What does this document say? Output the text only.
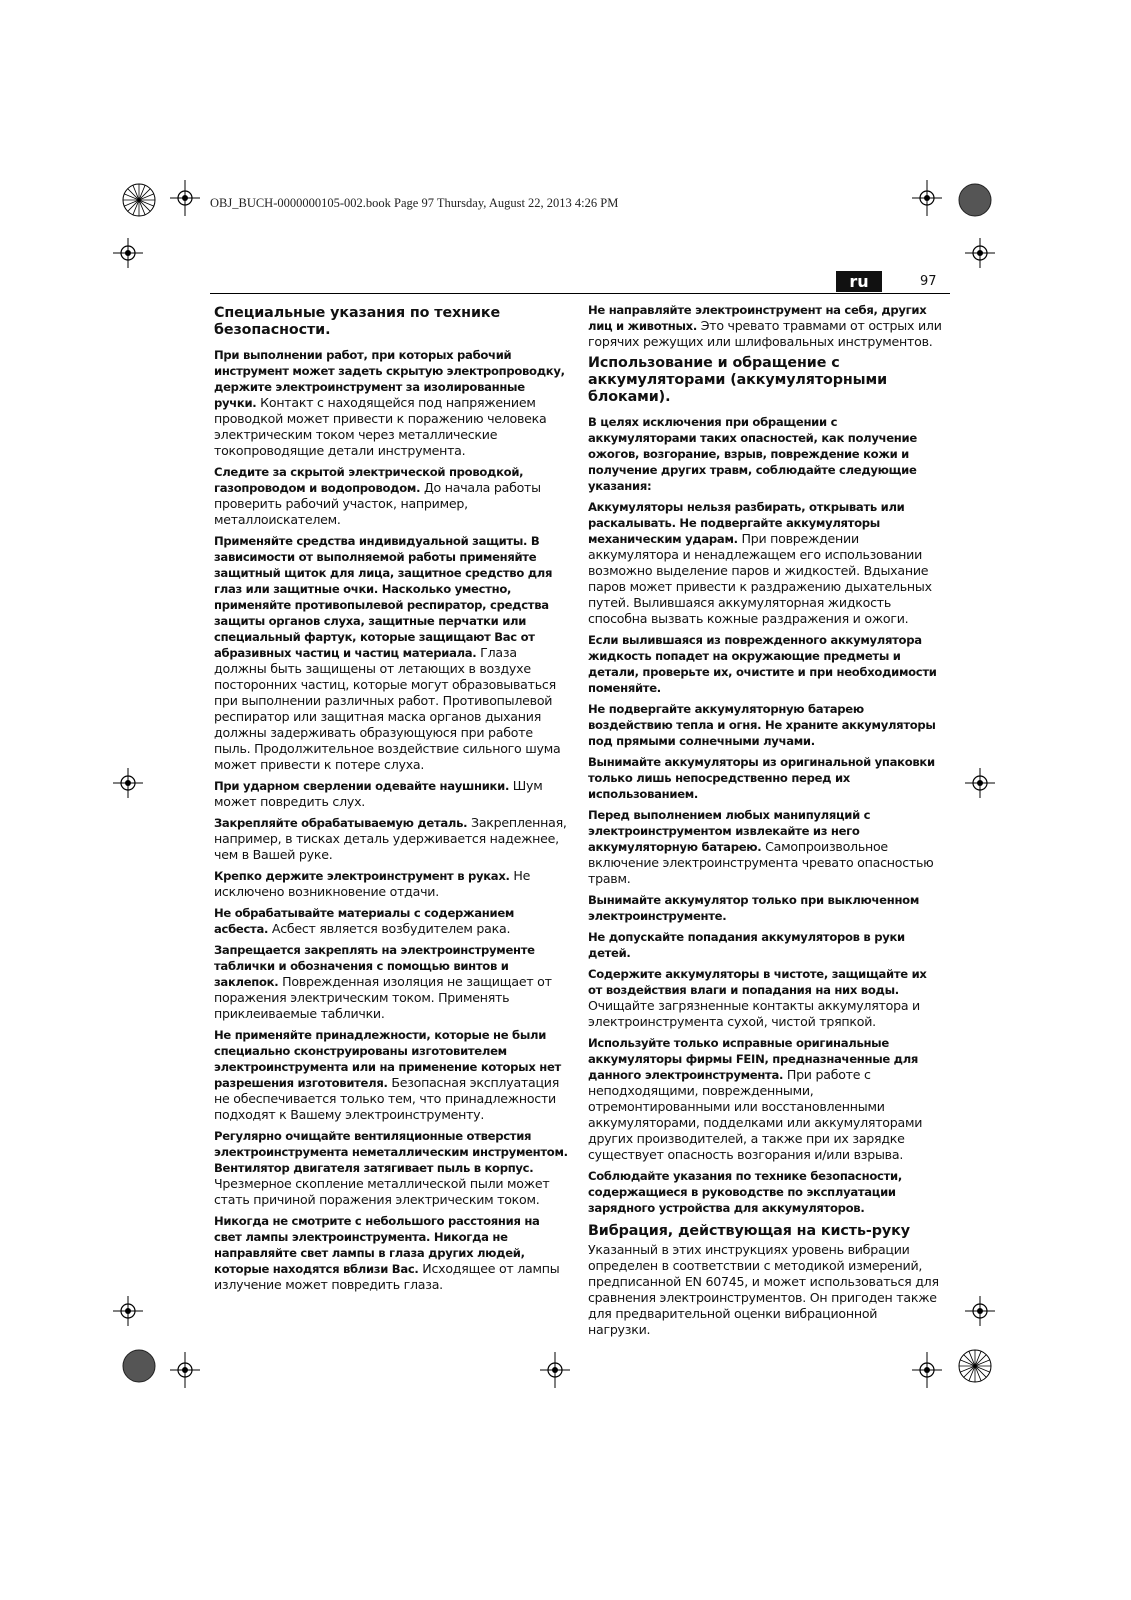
OBJ_BUCH-0000000105-002.book Page 97 Thursday, August 22, 2013 4:26 PM
ru	97
Специальные указания по технике безопасности.

При выполнении работ, при которых рабочий инструмент может задеть скрытую электропроводку, держите электроинструмент за изолированные ручки. Контакт с находящейся под напряжением проводкой может привести к поражению человека электрическим током через металлические токопроводящие детали инструмента.

Следите за скрытой электрической проводкой, газопроводом и водопроводом. До начала работы проверить рабочий участок, например, металлоискателем.

Применяйте средства индивидуальной защиты. В зависимости от выполняемой работы применяйте защитный щиток для лица, защитное средство для глаз или защитные очки. Насколько уместно, применяйте противопылевой респиратор, средства защиты органов слуха, защитные перчатки или специальный фартук, которые защищают Вас от абразивных частиц и частиц материала. Глаза должны быть защищены от летающих в воздухе посторонних частиц, которые могут образовываться при выполнении различных работ. Противопылевой респиратор или защитная маска органов дыхания должны задерживать образующуюся при работе пыль. Продолжительное воздействие сильного шума может привести к потере слуха.

При ударном сверлении одевайте наушники. Шум может повредить слух.

Закрепляйте обрабатываемую деталь. Закрепленная, например, в тисках деталь удерживается надежнее, чем в Вашей руке.

Крепко держите электроинструмент в руках. Не исключено возникновение отдачи.

Не обрабатывайте материалы с содержанием асбеста. Асбест является возбудителем рака.

Запрещается закреплять на электроинструменте таблички и обозначения с помощью винтов и заклепок. Поврежденная изоляция не защищает от поражения электрическим током. Применять приклеиваемые таблички.

Не применяйте принадлежности, которые не были специально сконструированы изготовителем электроинструмента или на применение которых нет разрешения изготовителя. Безопасная эксплуатация не обеспечивается только тем, что принадлежности подходят к Вашему электроинструменту.

Регулярно очищайте вентиляционные отверстия электроинструмента неметаллическим инструментом. Вентилятор двигателя затягивает пыль в корпус. Чрезмерное скопление металлической пыли может стать причиной поражения электрическим током.

Никогда не смотрите с небольшого расстояния на свет лампы электроинструмента. Никогда не направляйте свет лампы в глаза других людей, которые находятся вблизи Вас. Исходящее от лампы излучение может повредить глаза.

Не направляйте электроинструмент на себя, других лиц и животных. Это чревато травмами от острых или горячих режущих или шлифовальных инструментов.

Использование и обращение с аккумуляторами (аккумуляторными блоками).

В целях исключения при обращении с аккумуляторами таких опасностей, как получение ожогов, возгорание, взрыв, повреждение кожи и получение других травм, соблюдайте следующие указания:

Аккумуляторы нельзя разбирать, открывать или раскалывать. Не подвергайте аккумуляторы механическим ударам. При повреждении аккумулятора и ненадлежащем его использовании возможно выделение паров и жидкостей. Вдыхание паров может привести к раздражению дыхательных путей. Вылившаяся аккумуляторная жидкость способна вызвать кожные раздражения и ожоги.

Если вылившаяся из поврежденного аккумулятора жидкость попадет на окружающие предметы и детали, проверьте их, очистите и при необходимости поменяйте.

Не подвергайте аккумуляторную батарею воздействию тепла и огня. Не храните аккумуляторы под прямыми солнечными лучами.

Вынимайте аккумуляторы из оригинальной упаковки только лишь непосредственно перед их использованием.

Перед выполнением любых манипуляций с электроинструментом извлекайте из него аккумуляторную батарею. Самопроизвольное включение электроинструмента чревато опасностью травм.

Вынимайте аккумулятор только при выключенном электроинструменте.

Не допускайте попадания аккумуляторов в руки детей.

Содержите аккумуляторы в чистоте, защищайте их от воздействия влаги и попадания на них воды. Очищайте загрязненные контакты аккумулятора и электроинструмента сухой, чистой тряпкой.

Используйте только исправные оригинальные аккумуляторы фирмы FEIN, предназначенные для данного электроинструмента. При работе с неподходящими, поврежденными, отремонтированными или восстановленными аккумуляторами, подделками или аккумуляторами других производителей, а также при их зарядке существует опасность возгорания и/или взрыва.

Соблюдайте указания по технике безопасности, содержащиеся в руководстве по эксплуатации зарядного устройства для аккумуляторов.

Вибрация, действующая на кисть-руку

Указанный в этих инструкциях уровень вибрации определен в соответствии с методикой измерений, предписанной EN 60745, и может использоваться для сравнения электроинструментов. Он пригоден также для предварительной оценки вибрационной нагрузки.
